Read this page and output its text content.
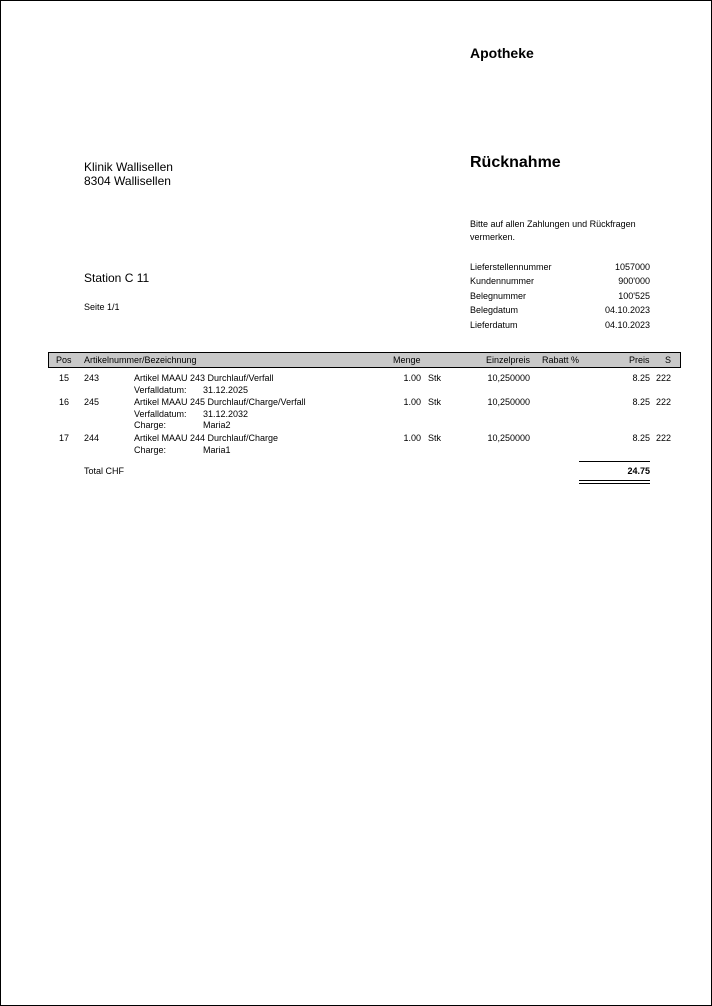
Apotheke
Klinik Wallisellen
8304 Wallisellen
Rücknahme
Bitte auf allen Zahlungen und Rückfragen vermerken.
Station C 11
Seite 1/1
Lieferstellennummer	1057000
Kundennummer	900'000
Belegnummer	100'525
Belegdatum	04.10.2023
Lieferdatum	04.10.2023
Pos Artikelnummer/Bezeichnung	Menge	Einzelpreis Rabatt %	Preis S
15 243	Artikel MAAU 243 Durchlauf/Verfall	1.00 Stk	10,250000	8.25 222
Verfalldatum: 31.12.2025
16 245	Artikel MAAU 245 Durchlauf/Charge/Verfall	1.00 Stk	10,250000	8.25 222
Verfalldatum: 31.12.2032
Charge:	Maria2
17 244	Artikel MAAU 244 Durchlauf/Charge	1.00 Stk	10,250000	8.25 222
Charge:	Maria1
Total CHF	24.75
